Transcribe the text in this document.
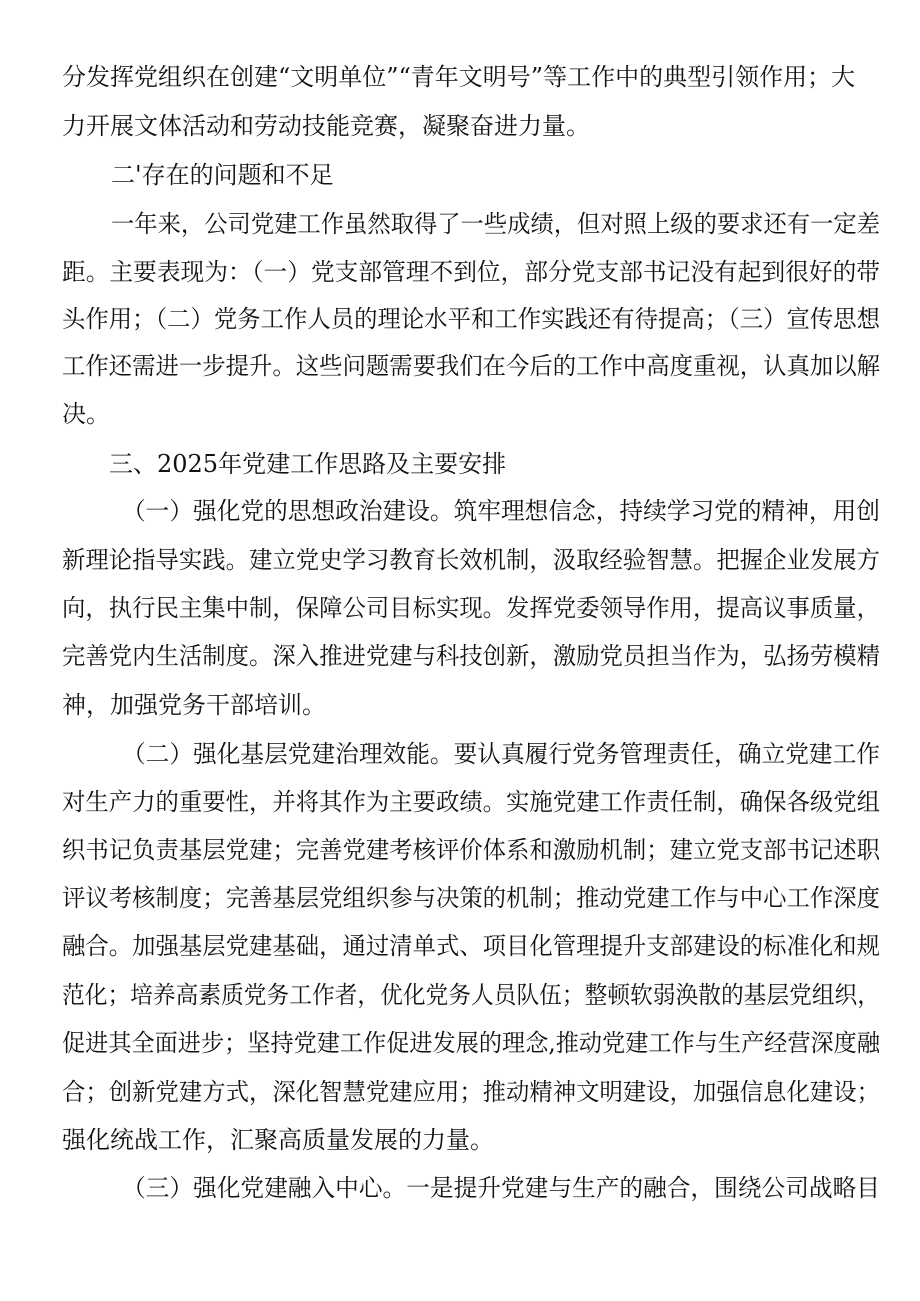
分发挥党组织在创建“文明单位”“青年文明号”等工作中的典型引领作用；大
力开展文体活动和劳动技能竞赛，凝聚奋进力量。
二'存在的问题和不足
一年来，公司党建工作虽然取得了一些成绩，但对照上级的要求还有一定差
距。主要表现为：（一）党支部管理不到位，部分党支部书记没有起到很好的带
头作用；（二）党务工作人员的理论水平和工作实践还有待提高；（三）宣传思想
工作还需进一步提升。这些问题需要我们在今后的工作中高度重视，认真加以解
决。
三、2025年党建工作思路及主要安排
（一）强化党的思想政治建设。筑牢理想信念，持续学习党的精神，用创
新理论指导实践。建立党史学习教育长效机制，汲取经验智慧。把握企业发展方
向，执行民主集中制，保障公司目标实现。发挥党委领导作用，提高议事质量，
完善党内生活制度。深入推进党建与科技创新，激励党员担当作为，弘扬劳模精
神，加强党务干部培训。
（二）强化基层党建治理效能。要认真履行党务管理责任，确立党建工作
对生产力的重要性，并将其作为主要政绩。实施党建工作责任制，确保各级党组
织书记负责基层党建；完善党建考核评价体系和激励机制；建立党支部书记述职
评议考核制度；完善基层党组织参与决策的机制；推动党建工作与中心工作深度
融合。加强基层党建基础，通过清单式、项目化管理提升支部建设的标准化和规
范化；培养高素质党务工作者，优化党务人员队伍；整顿软弱涣散的基层党组织，
促进其全面进步；坚持党建工作促进发展的理念,推动党建工作与生产经营深度融
合；创新党建方式，深化智慧党建应用；推动精神文明建设，加强信息化建设；
强化统战工作，汇聚高质量发展的力量。
（三）强化党建融入中心。一是提升党建与生产的融合，围绕公司战略目
